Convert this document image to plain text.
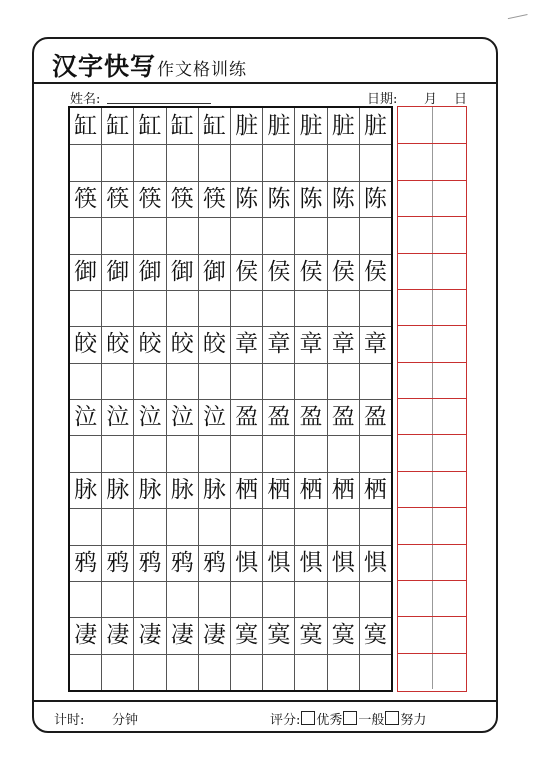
汉字快写 作文格训练
姓名:	日期: 月 日
缸 缸 缸 缸 缸 脏 脏 脏 脏 脏
筷 筷 筷 筷 筷 陈 陈 陈 陈 陈
御 御 御 御 御 侯 侯 侯 侯 侯
皎 皎 皎 皎 皎 章 章 章 章 章
泣 泣 泣 泣 泣 盈 盈 盈 盈 盈
脉 脉 脉 脉 脉 栖 栖 栖 栖 栖
鸦 鸦 鸦 鸦 鸦 惧 惧 惧 惧 惧
凄 凄 凄 凄 凄 寞 寞 寞 寞 寞
计时: 分钟	评分: 优秀 一般 努力
